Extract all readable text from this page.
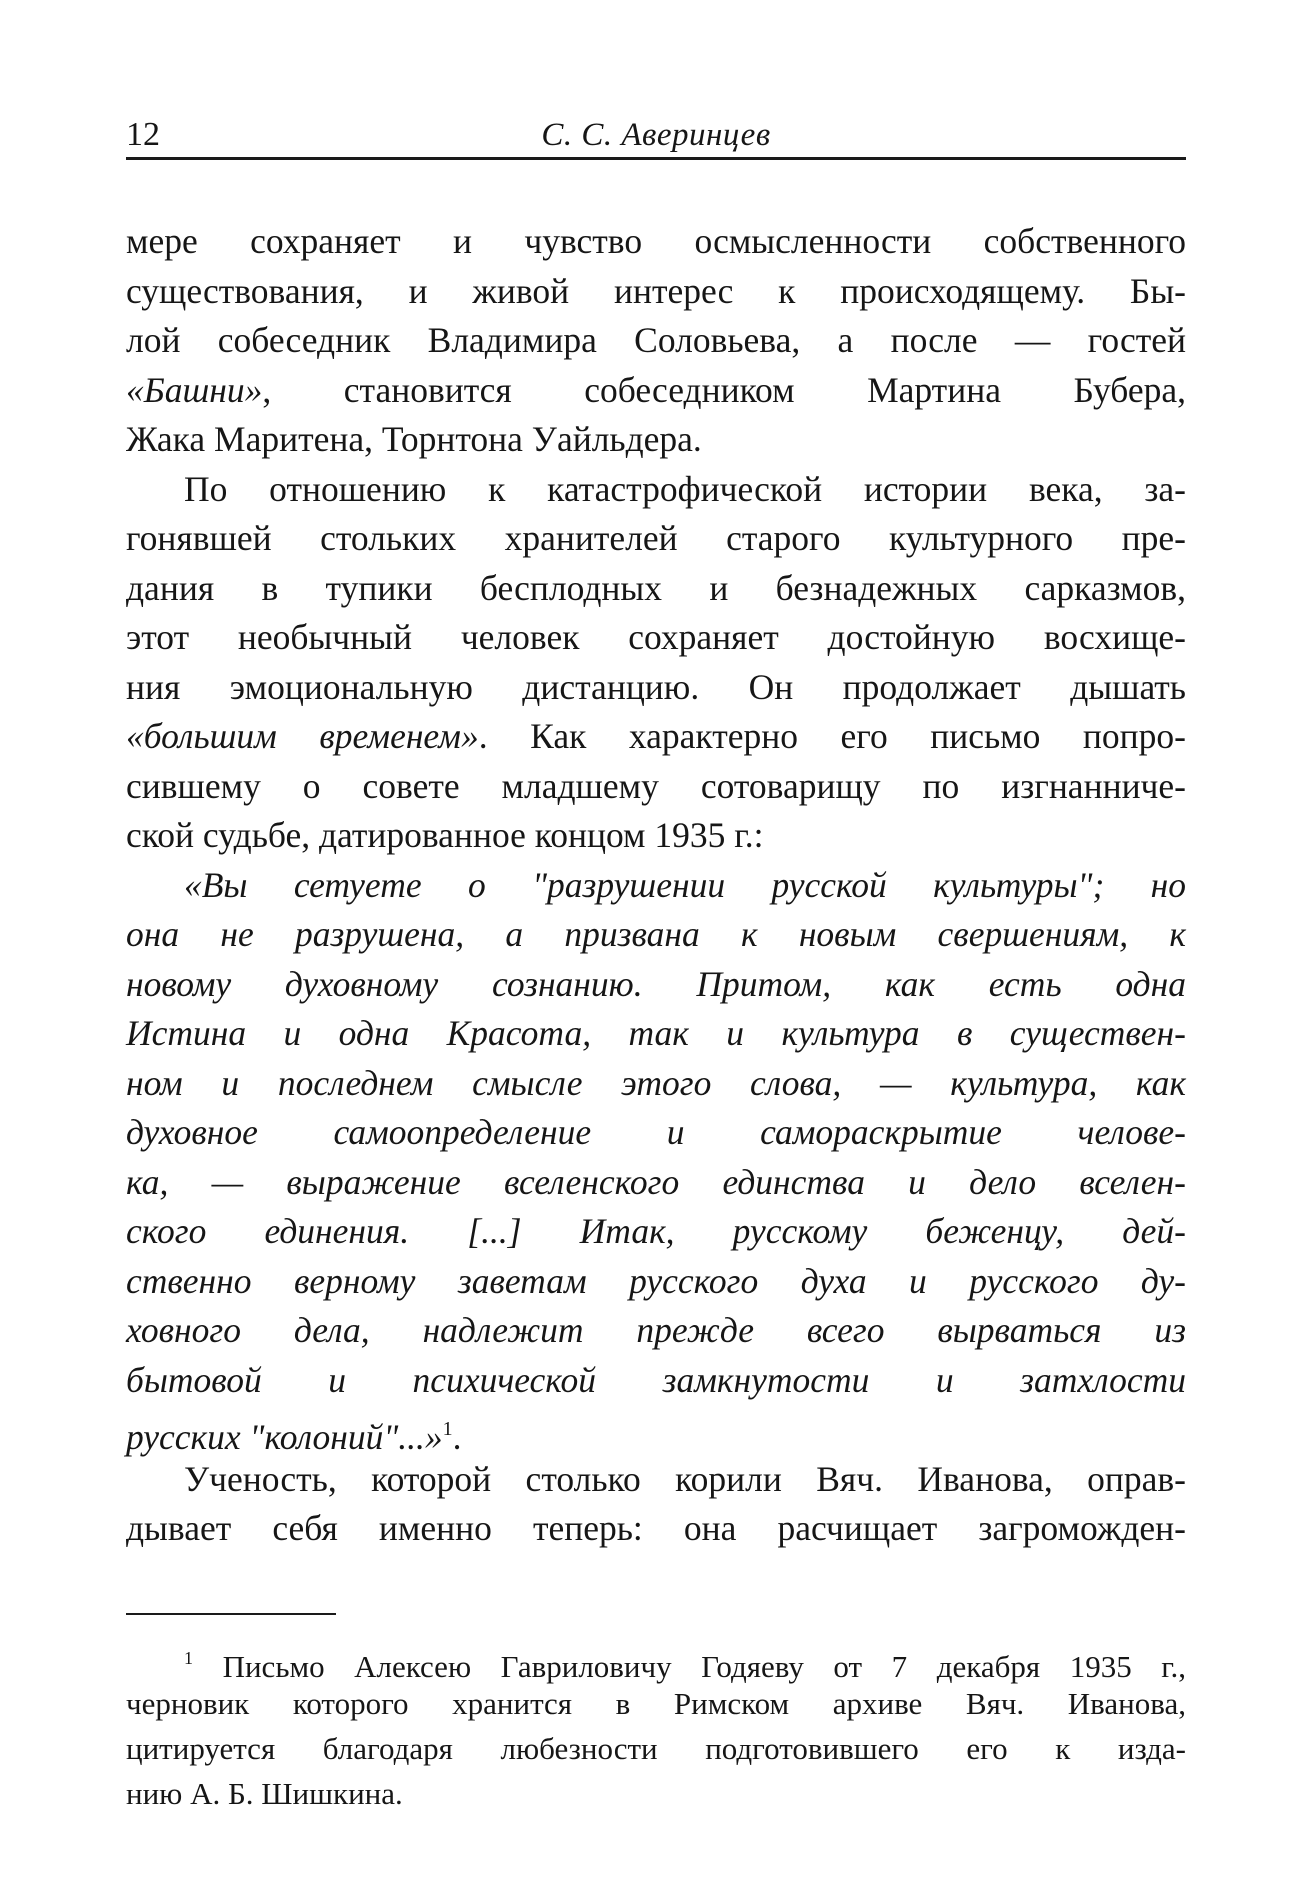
12	С. С. Аверинцев
мере сохраняет и чувство осмысленности собственного
существования, и живой интерес к происходящему. Бы-
лой собеседник Владимира Соловьева, а после — гостей
«Башни», становится собеседником Мартина Бубера,
Жака Маритена, Торнтона Уайльдера.
По отношению к катастрофической истории века, за-
гонявшей стольких хранителей старого культурного пре-
дания в тупики бесплодных и безнадежных сарказмов,
этот необычный человек сохраняет достойную восхище-
ния эмоциональную дистанцию. Он продолжает дышать
«большим временем». Как характерно его письмо попро-
сившему о совете младшему сотоварищу по изгнанниче-
ской судьбе, датированное концом 1935 г.:
«Вы сетуете о "разрушении русской культуры"; но
она не разрушена, а призвана к новым свершениям, к
новому духовному сознанию. Притом, как есть одна
Истина и одна Красота, так и культура в существен-
ном и последнем смысле этого слова, — культура, как
духовное самоопределение и самораскрытие челове-
ка, — выражение вселенского единства и дело вселен-
ского единения. [...] Итак, русскому беженцу, дей-
ственно верному заветам русского духа и русского ду-
ховного дела, надлежит прежде всего вырваться из
бытовой и психической замкнутости и затхлости
русских "колоний"...»$^1$.
Ученость, которой столько корили Вяч. Иванова, оправ-
дывает себя именно теперь: она расчищает загроможден-
$^1$ Письмо Алексею Гавриловичу Годяеву от 7 декабря 1935 г.,
черновик которого хранится в Римском архиве Вяч. Иванова,
цитируется благодаря любезности подготовившего его к изда-
нию А. Б. Шишкина.
